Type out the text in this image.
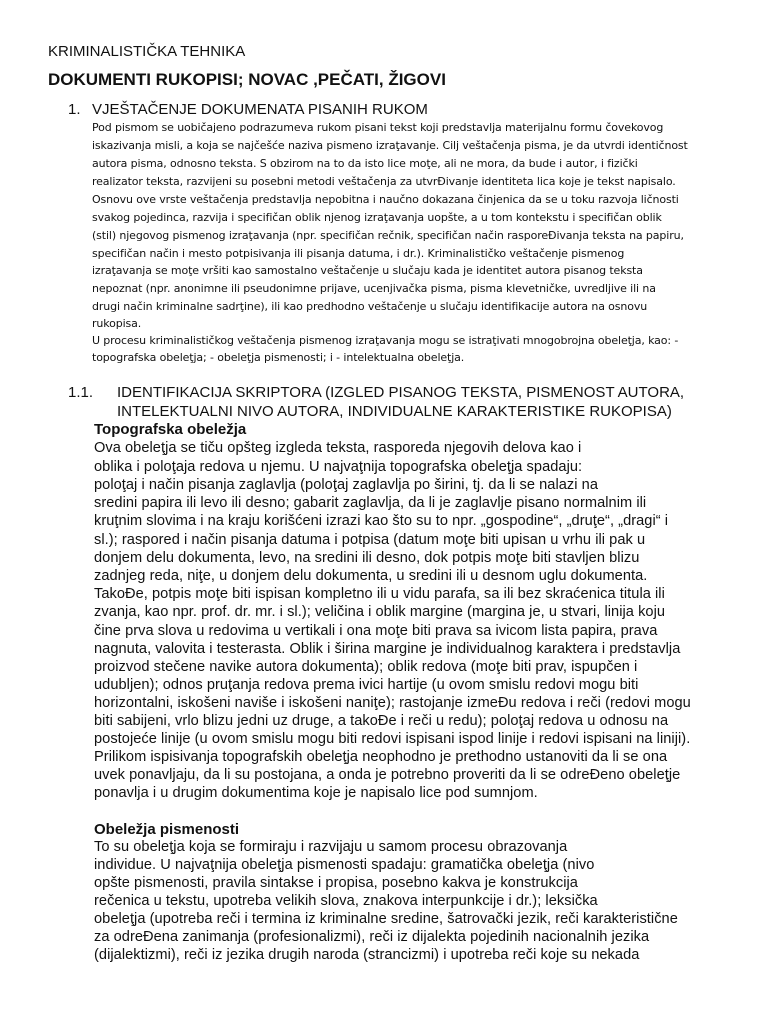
KRIMINALISTIČKA TEHNIKA

DOKUMENTI RUKOPISI; NOVAC ,PEČATI, ŽIGOVI

1. VJEŠTAČENJE DOKUMENATA PISANIH RUKOM

Pod pismom se uobičajeno podrazumeva rukom pisani tekst koji predstavlja materijalnu formu čovekovog

iskazivanja misli, a koja se najčešće naziva pismeno izraţavanje. Cilj veštačenja pisma, je da utvrdi identičnost

autora pisma, odnosno teksta. S obzirom na to da isto lice moţe, ali ne mora, da bude i autor, i fizički

realizator teksta, razvijeni su posebni metodi veštačenja za utvrĐivanje identiteta lica koje je tekst napisalo.

Osnovu ove vrste veštačenja predstavlja nepobitna i naučno dokazana činjenica da se u toku razvoja ličnosti

svakog pojedinca, razvija i specifičan oblik njenog izraţavanja uopšte, a u tom kontekstu i specifičan oblik

(stil) njegovog pismenog izraţavanja (npr. specifičan rečnik, specifičan način rasporeĐivanja teksta na papiru,

specifičan način i mesto potpisivanja ili pisanja datuma, i dr.). Kriminalističko veštačenje pismenog

izraţavanja se moţe vršiti kao samostalno veštačenje u slučaju kada je identitet autora pisanog teksta

nepoznat (npr. anonimne ili pseudonimne prijave, ucenjivačka pisma, pisma klevetničke, uvredljive ili na

drugi način kriminalne sadrţine), ili kao predhodno veštačenje u slučaju identifikacije autora na osnovu

rukopisa.

U procesu kriminalističkog veštačenja pismenog izraţavanja mogu se istraţivati mnogobrojna obeleţja, kao: -

topografska obeleţja; - obeleţja pismenosti; i - intelektualna obeleţja.

1.1. IDENTIFIKACIJA SKRIPTORA (IZGLED PISANOG TEKSTA, PISMENOST AUTORA,

INTELEKTUALNI NIVO AUTORA, INDIVIDUALNE KARAKTERISTIKE RUKOPISA)

Topografska obeležja

Ova obeleţja se tiču opšteg izgleda teksta, rasporeda njegovih delova kao i

oblika i poloţaja redova u njemu. U najvaţnija topografska obeleţja spadaju:

poloţaj i način pisanja zaglavlja (poloţaj zaglavlja po širini, tj. da li se nalazi na

sredini papira ili levo ili desno; gabarit zaglavlja, da li je zaglavlje pisano normalnim ili

kruţnim slovima i na kraju korišćeni izrazi kao što su to npr. „gospodine“, „druţe“, „dragi“ i

sl.); raspored i način pisanja datuma i potpisa (datum moţe biti upisan u vrhu ili pak u

donjem delu dokumenta, levo, na sredini ili desno, dok potpis moţe biti stavljen blizu

zadnjeg reda, niţe, u donjem delu dokumenta, u sredini ili u desnom uglu dokumenta.

TakoĐe, potpis moţe biti ispisan kompletno ili u vidu parafa, sa ili bez skraćenica titula ili

zvanja, kao npr. prof. dr. mr. i sl.); veličina i oblik margine (margina je, u stvari, linija koju

čine prva slova u redovima u vertikali i ona moţe biti prava sa ivicom lista papira, prava

nagnuta, valovita i testerasta. Oblik i širina margine je individualnog karaktera i predstavlja

proizvod stečene navike autora dokumenta); oblik redova (moţe biti prav, ispupčen i

udubljen); odnos pruţanja redova prema ivici hartije (u ovom smislu redovi mogu biti

horizontalni, iskošeni naviše i iskošeni naniţe); rastojanje izmeĐu redova i reči (redovi mogu

biti sabijeni, vrlo blizu jedni uz druge, a takoĐe i reči u redu); poloţaj redova u odnosu na

postojeće linije (u ovom smislu mogu biti redovi ispisani ispod linije i redovi ispisani na liniji).

Prilikom ispisivanja topografskih obeleţja neophodno je prethodno ustanoviti da li se ona

uvek ponavljaju, da li su postojana, a onda je potrebno proveriti da li se odreĐeno obeleţje

ponavlja i u drugim dokumentima koje je napisalo lice pod sumnjom.

Obeležja pismenosti

To su obeleţja koja se formiraju i razvijaju u samom procesu obrazovanja

individue. U najvaţnija obeleţja pismenosti spadaju: gramatička obeleţja (nivo

opšte pismenosti, pravila sintakse i propisa, posebno kakva je konstrukcija

rečenica u tekstu, upotreba velikih slova, znakova interpunkcije i dr.); leksička

obeleţja (upotreba reči i termina iz kriminalne sredine, šatrovački jezik, reči karakteristične

za odreĐena zanimanja (profesionalizmi), reči iz dijalekta pojedinih nacionalnih jezika

(dijalektizmi), reči iz jezika drugih naroda (strancizmi) i upotreba reči koje su nekada
